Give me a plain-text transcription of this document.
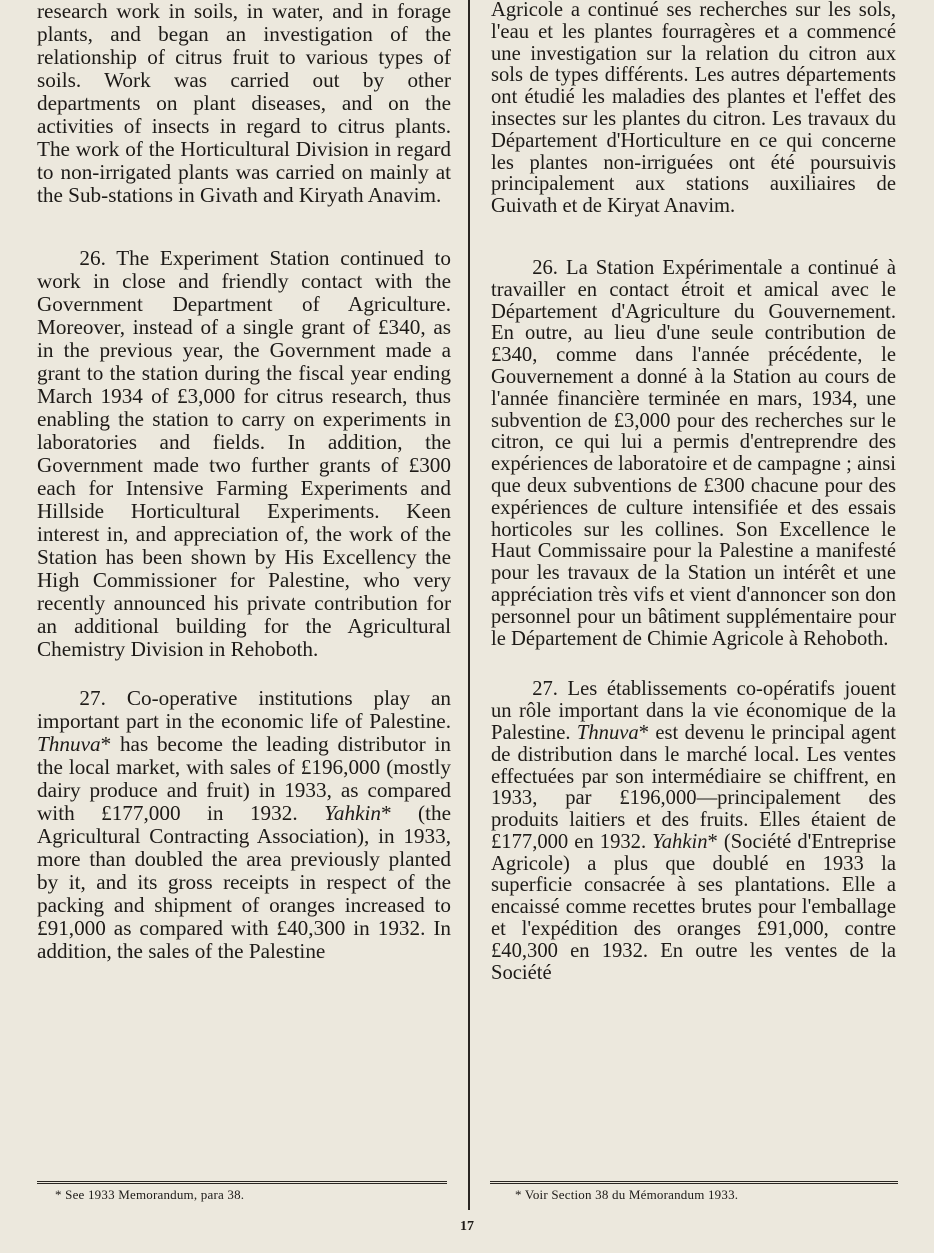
research work in soils, in water, and in forage plants, and began an investigation of the relationship of citrus fruit to various types of soils. Work was carried out by other departments on plant diseases, and on the activities of insects in regard to citrus plants. The work of the Horticultural Division in regard to non-irrigated plants was carried on mainly at the Sub-stations in Givath and Kiryath Anavim.

26. The Experiment Station continued to work in close and friendly contact with the Government Department of Agriculture. Moreover, instead of a single grant of £340, as in the previous year, the Government made a grant to the station during the fiscal year ending March 1934 of £3,000 for citrus research, thus enabling the station to carry on experiments in laboratories and fields. In addition, the Government made two further grants of £300 each for Intensive Farming Experiments and Hillside Horticultural Experiments. Keen interest in, and appreciation of, the work of the Station has been shown by His Excellency the High Commissioner for Palestine, who very recently announced his private contribution for an additional building for the Agricultural Chemistry Division in Rehoboth.

27. Co-operative institutions play an important part in the economic life of Palestine. Thnuva* has become the leading distributor in the local market, with sales of £196,000 (mostly dairy produce and fruit) in 1933, as compared with £177,000 in 1932. Yahkin* (the Agricultural Contracting Association), in 1933, more than doubled the area previously planted by it, and its gross receipts in respect of the packing and shipment of oranges increased to £91,000 as compared with £40,300 in 1932. In addition, the sales of the Palestine

Agricole a continué ses recherches sur les sols, l'eau et les plantes fourragères et a commencé une investigation sur la relation du citron aux sols de types différents. Les autres départements ont étudié les maladies des plantes et l'effet des insectes sur les plantes du citron. Les travaux du Département d'Horticulture en ce qui concerne les plantes non-irriguées ont été poursuivis principalement aux stations auxiliaires de Guivath et de Kiryat Anavim.

26. La Station Expérimentale a continué à travailler en contact étroit et amical avec le Département d'Agriculture du Gouvernement. En outre, au lieu d'une seule contribution de £340, comme dans l'année précédente, le Gouvernement a donné à la Station au cours de l'année financière terminée en mars, 1934, une subvention de £3,000 pour des recherches sur le citron, ce qui lui a permis d'entreprendre des expériences de laboratoire et de campagne ; ainsi que deux subventions de £300 chacune pour des expériences de culture intensifiée et des essais horticoles sur les collines. Son Excellence le Haut Commissaire pour la Palestine a manifesté pour les travaux de la Station un intérêt et une appréciation très vifs et vient d'annoncer son don personnel pour un bâtiment supplémentaire pour le Département de Chimie Agricole à Rehoboth.

27. Les établissements co-opératifs jouent un rôle important dans la vie économique de la Palestine. Thnuva* est devenu le principal agent de distribution dans le marché local. Les ventes effectuées par son intermédiaire se chiffrent, en 1933, par £196,000—principalement des produits laitiers et des fruits. Elles étaient de £177,000 en 1932. Yahkin* (Société d'Entreprise Agricole) a plus que doublé en 1933 la superficie consacrée à ses plantations. Elle a encaissé comme recettes brutes pour l'emballage et l'expédition des oranges £91,000, contre £40,300 en 1932. En outre les ventes de la Société

* See 1933 Memorandum, para 38.	* Voir Section 38 du Mémorandum 1933.
17
